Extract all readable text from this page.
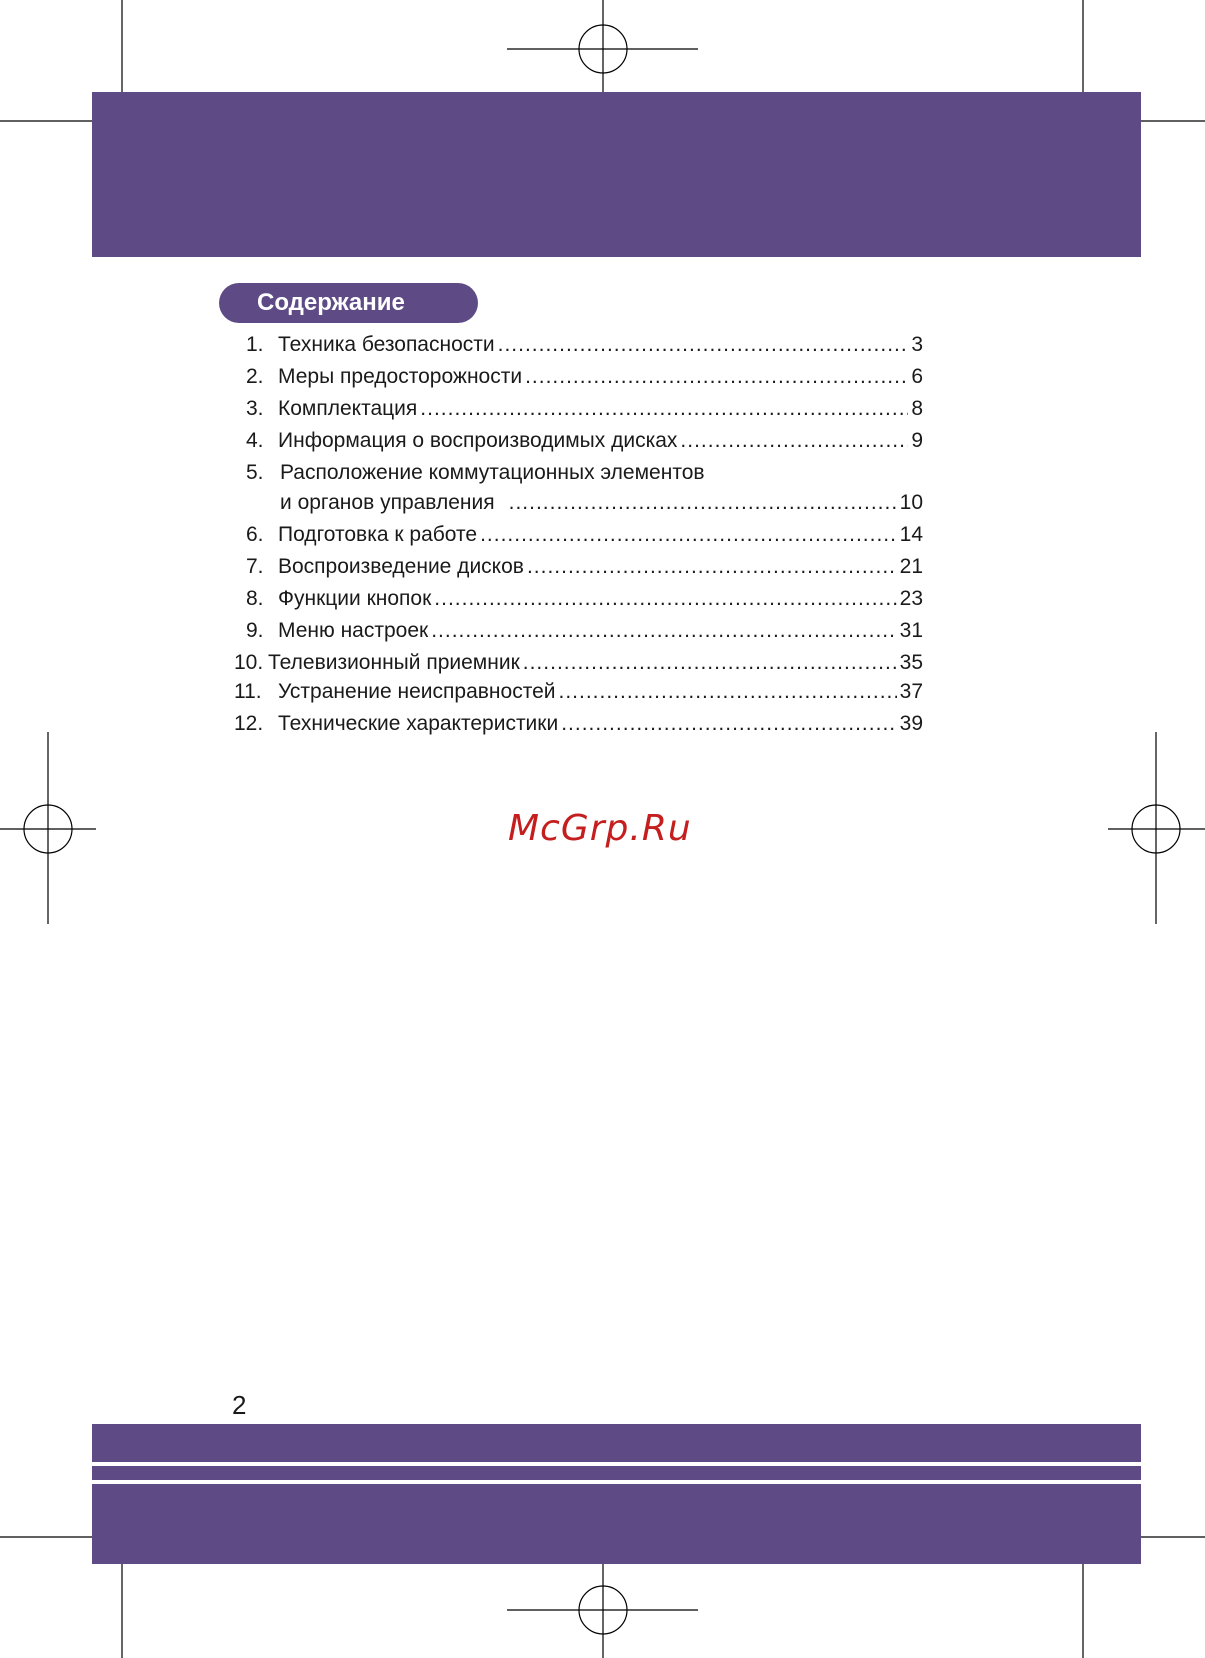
Содержание
1. Техника безопасности .....	3
2. Меры предосторожности .....	6
3. Комплектация .....	8
4. Информация о воспроизводимых дисках .....	9
5. Расположение коммутационных элементов
и органов управления .....	10
6. Подготовка к работе .....	14
7. Воспроизведение дисков .....	21
8. Функции кнопок .....	23
9. Меню настроек .....	31
10. Телевизионный приемник .....	35
11. Устранение неисправностей .....	37
12. Технические характеристики .....	39
McGrp.Ru
2
